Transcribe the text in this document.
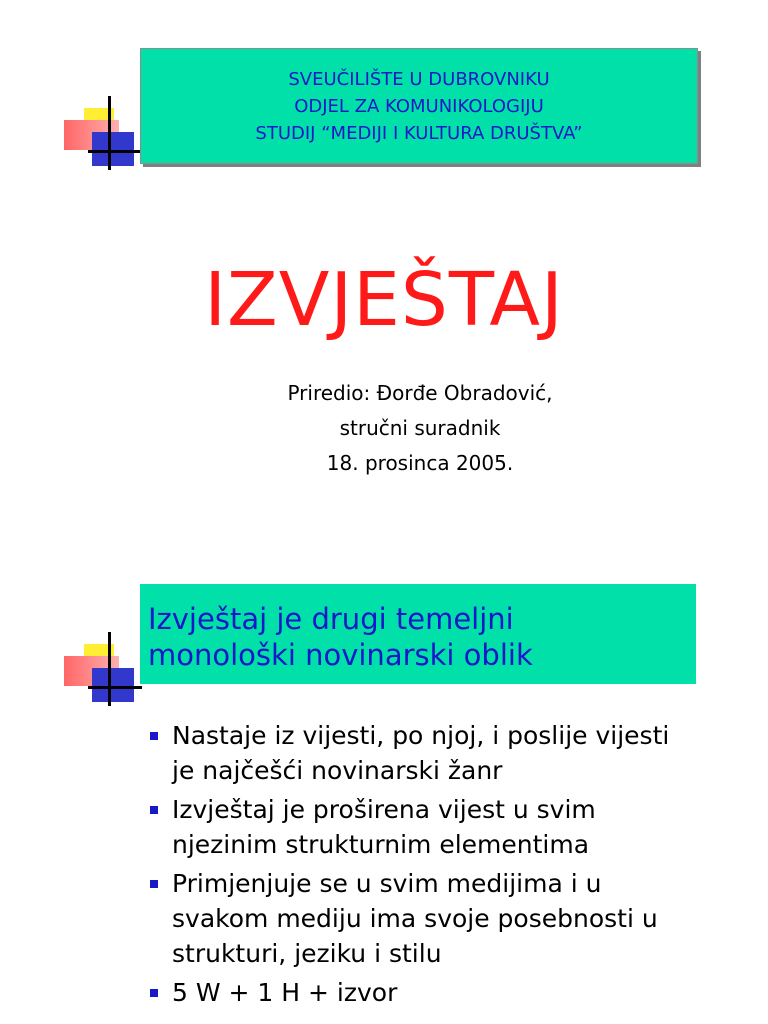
SVEUČILIŠTE U DUBROVNIKU
ODJEL ZA KOMUNIKOLOGIJU
STUDIJ “MEDIJI I KULTURA DRUŠTVA”
IZVJEŠTAJ
Priredio: Đorđe Obradović,
stručni suradnik
18. prosinca 2005.
Izvještaj je drugi temeljni
monološki novinarski oblik
Nastaje iz vijesti, po njoj, i poslije vijesti
je najčešći novinarski žanr
Izvještaj je proširena vijest u svim
njezinim strukturnim elementima
Primjenjuje se u svim medijima i u
svakom mediju ima svoje posebnosti u
strukturi, jeziku i stilu
5 W + 1 H + izvor
